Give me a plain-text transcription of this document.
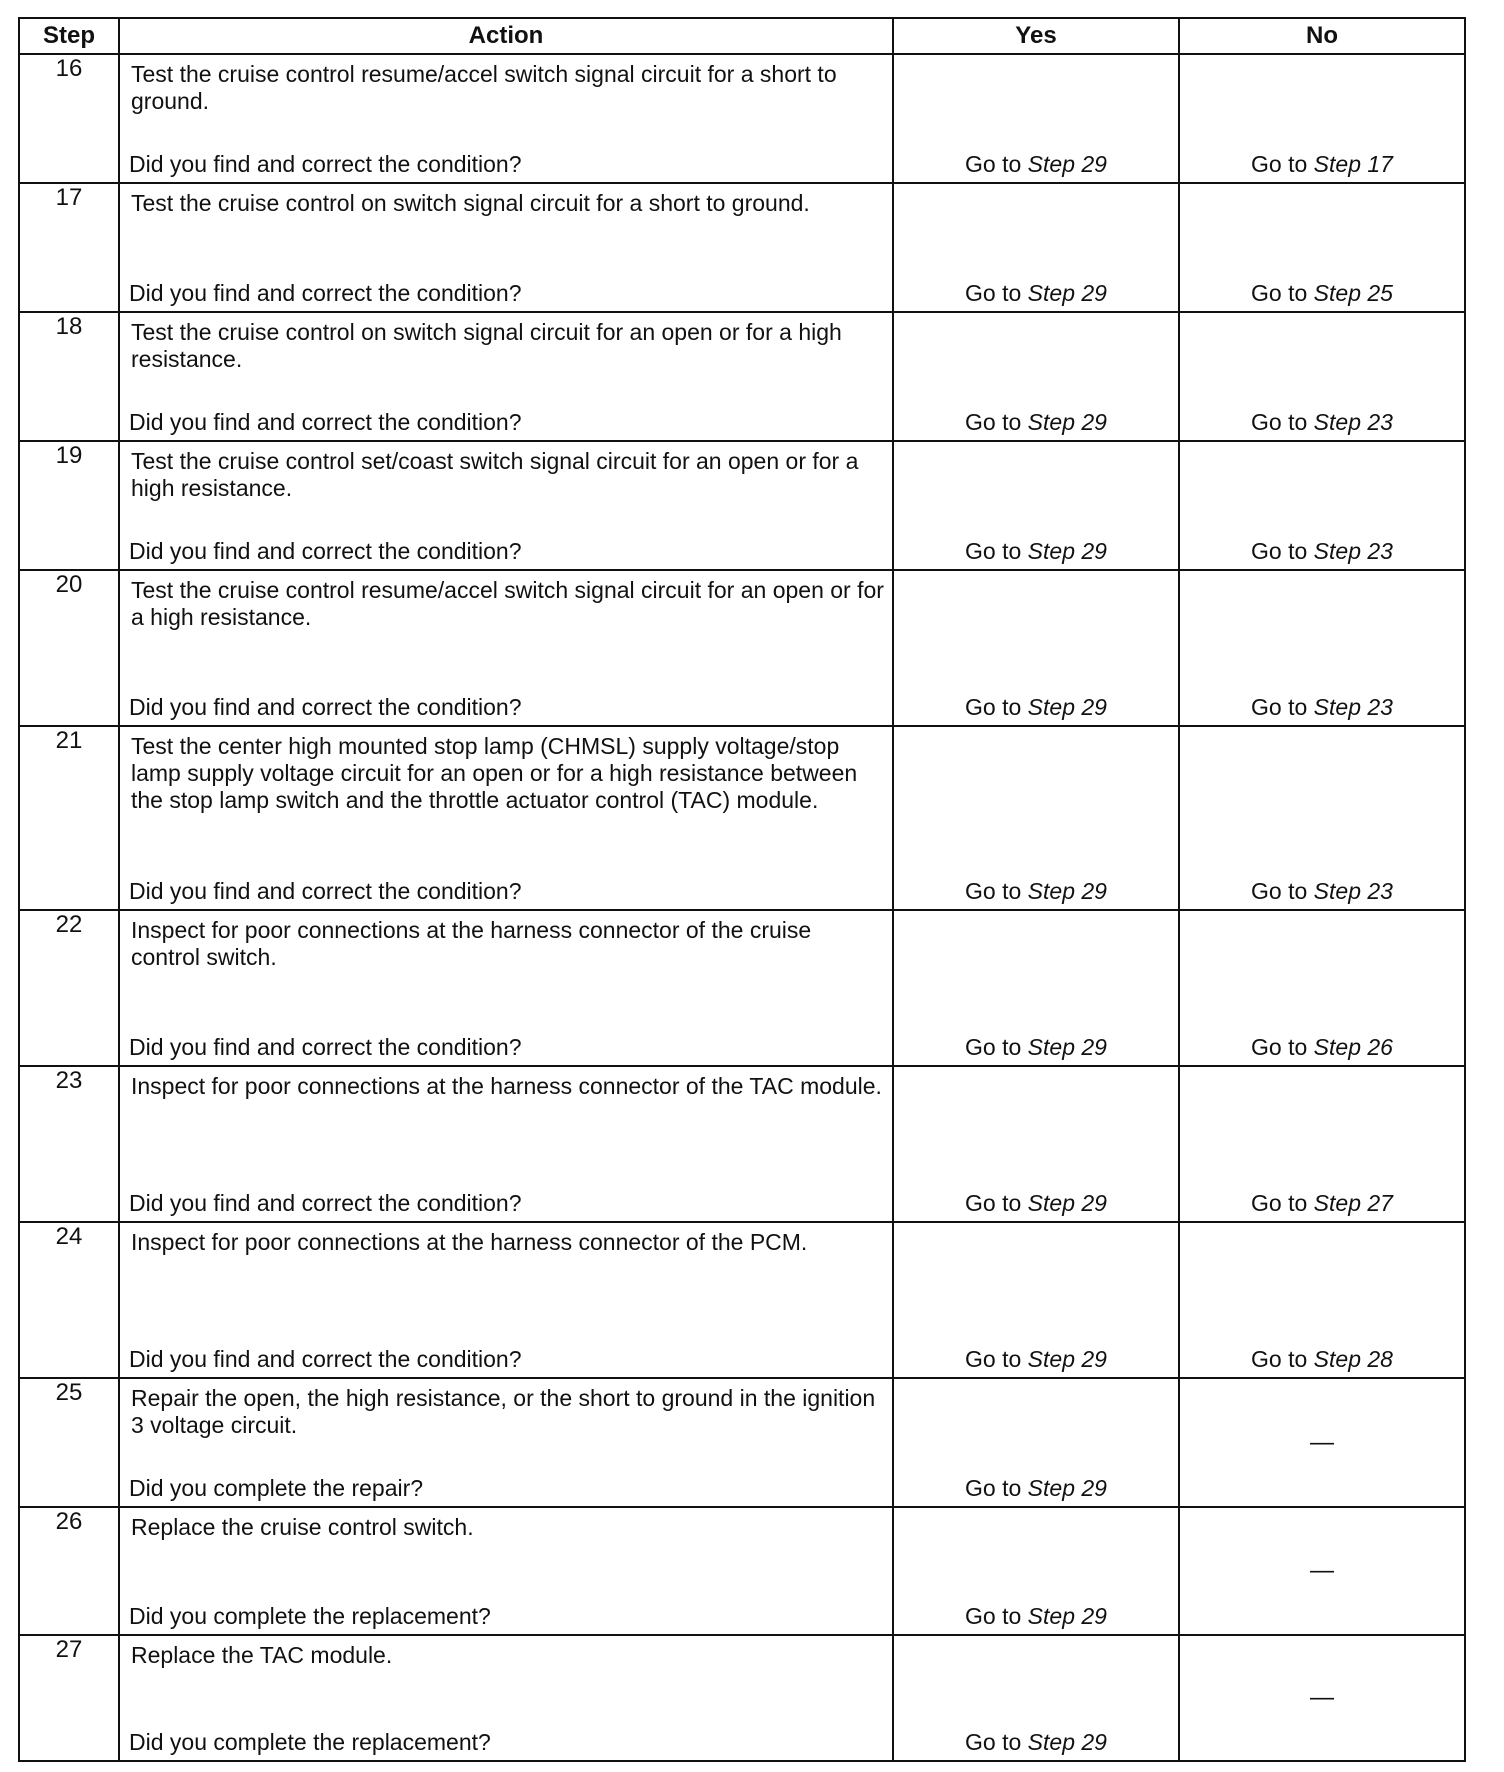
Step	Action	Yes	No
16	Test the cruise control resume/accel switch signal circuit for a short to ground.
Did you find and correct the condition?	Go to Step 29	Go to Step 17

17	Test the cruise control on switch signal circuit for a short to ground.
Did you find and correct the condition?	Go to Step 29	Go to Step 25

18	Test the cruise control on switch signal circuit for an open or for a high resistance.
Did you find and correct the condition?	Go to Step 29	Go to Step 23

19	Test the cruise control set/coast switch signal circuit for an open or for a high resistance.
Did you find and correct the condition?	Go to Step 29	Go to Step 23

20	Test the cruise control resume/accel switch signal circuit for an open or for a high resistance.
Did you find and correct the condition?	Go to Step 29	Go to Step 23

21	Test the center high mounted stop lamp (CHMSL) supply voltage/stop lamp supply voltage circuit for an open or for a high resistance between the stop lamp switch and the throttle actuator control (TAC) module.
Did you find and correct the condition?	Go to Step 29	Go to Step 23

22	Inspect for poor connections at the harness connector of the cruise control switch.
Did you find and correct the condition?	Go to Step 29	Go to Step 26

23	Inspect for poor connections at the harness connector of the TAC module.
Did you find and correct the condition?	Go to Step 29	Go to Step 27

24	Inspect for poor connections at the harness connector of the PCM.
Did you find and correct the condition?	Go to Step 29	Go to Step 28

25	Repair the open, the high resistance, or the short to ground in the ignition 3 voltage circuit.
Did you complete the repair?	Go to Step 29	—

26	Replace the cruise control switch.
Did you complete the replacement?	Go to Step 29	—

27	Replace the TAC module.
Did you complete the replacement?	Go to Step 29	—
